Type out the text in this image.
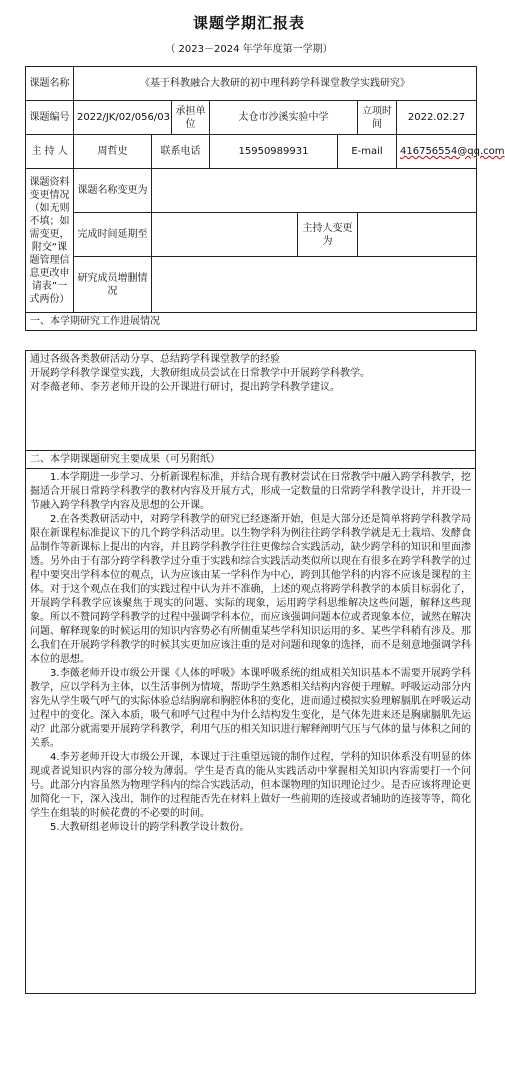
课题学期汇报表
（ 2023－2024 年学年度第一学期）
课题名称	《基于科教融合大教研的初中理科跨学科课堂教学实践研究》							
课题编号	2022/JK/02/056/03		承担单位	太仓市沙溪实验中学			立项时间	2022.02.27
主 持 人	周哲史	联系电话		15950989931		E-mail		416756554@qq.com
课题资料变更情况（如无则不填；如需变更，附交“课题管理信息更改申请表”一式两份）	课题名称变更为							
	完成时间延期至				主持人变更为			
	研究成员增删情况							
一、本学期研究工作进展情况								

通过各级各类教研活动分享、总结跨学科课堂教学的经验

开展跨学科教学课堂实践，大教研组成员尝试在日常教学中开展跨学科教学。

对李薇老师、李芳老师开设的公开课进行研讨，提出跨学科教学建议。

二、本学期课题研究主要成果（可另附纸）

1.本学期进一步学习、分析新课程标准，并结合现有教材尝试在日常教学中融入跨学科教学，挖掘适合开展日常跨学科教学的教材内容及开展方式，形成一定数量的日常跨学科教学设计，并开设一节融入跨学科教学内容及思想的公开课。

2.在各类教研活动中，对跨学科教学的研究已经逐渐开始，但是大部分还是简单将跨学科教学局限在新课程标准提议下的几个跨学科活动里。以生物学科为例往往跨学科教学就是无土栽培、发酵食品制作等新课标上提出的内容，并且跨学科教学往往更像综合实践活动，缺少跨学科的知识和里面渗透。另外由于有部分跨学科教学过分重于实践和综合实践活动类似所以现在有很多在跨学科教学的过程中要突出学科本位的观点，认为应该由某一学科作为中心，跨到其他学科的内容不应该是课程的主体。对于这个观点在我们的实践过程中认为并不准确，上述的观点将跨学科教学的本质目标弱化了，开展跨学科教学应该聚焦于现实的问题、实际的现象，运用跨学科思维解决这些问题，解释这些现象。所以不赞同跨学科教学的过程中强调学科本位，而应该强调问题本位或者现象本位，诚然在解决问题、解释现象的时候运用的知识内容势必有所侧重某些学科知识运用的多、某些学科稍有涉及。那么我们在开展跨学科教学的时候其实更加应该注重的是对问题和现象的选择，而不是刻意地强调学科本位的思想。

3.李薇老师开设市级公开课《人体的呼吸》本课呼吸系统的组成相关知识基本不需要开展跨学科教学，应以学科为主体，以生活事例为情境，帮助学生熟悉相关结构内容便于理解。呼吸运动部分内容先从学生吸气呼气的实际体验总结胸廓和胸腔体积的变化，进而通过模拟实验理解膈肌在呼吸运动过程中的变化。深入本质，吸气和呼气过程中为什么结构发生变化，是气体先进来还是胸廓膈肌先运动？此部分就需要开展跨学科教学，利用气压的相关知识进行解释阐明气压与气体的量与体积之间的关系。

4.李芳老师开设大市级公开课，本课过于注重望远镜的制作过程，学科的知识体系没有明显的体现或者说知识内容的部分较为薄弱。学生是否真的能从实践活动中掌握相关知识内容需要打一个问号。此部分内容虽然为物理学科内的综合实践活动，但本课物理的知识理论过少。是否应该将理论更加简化一下，深入浅出，制作的过程能否先在材料上做好一些前期的连接或者辅助的连接等等，简化学生在组装的时候花费的不必要的时间。

5.大教研组老师设计的跨学科教学设计数份。
